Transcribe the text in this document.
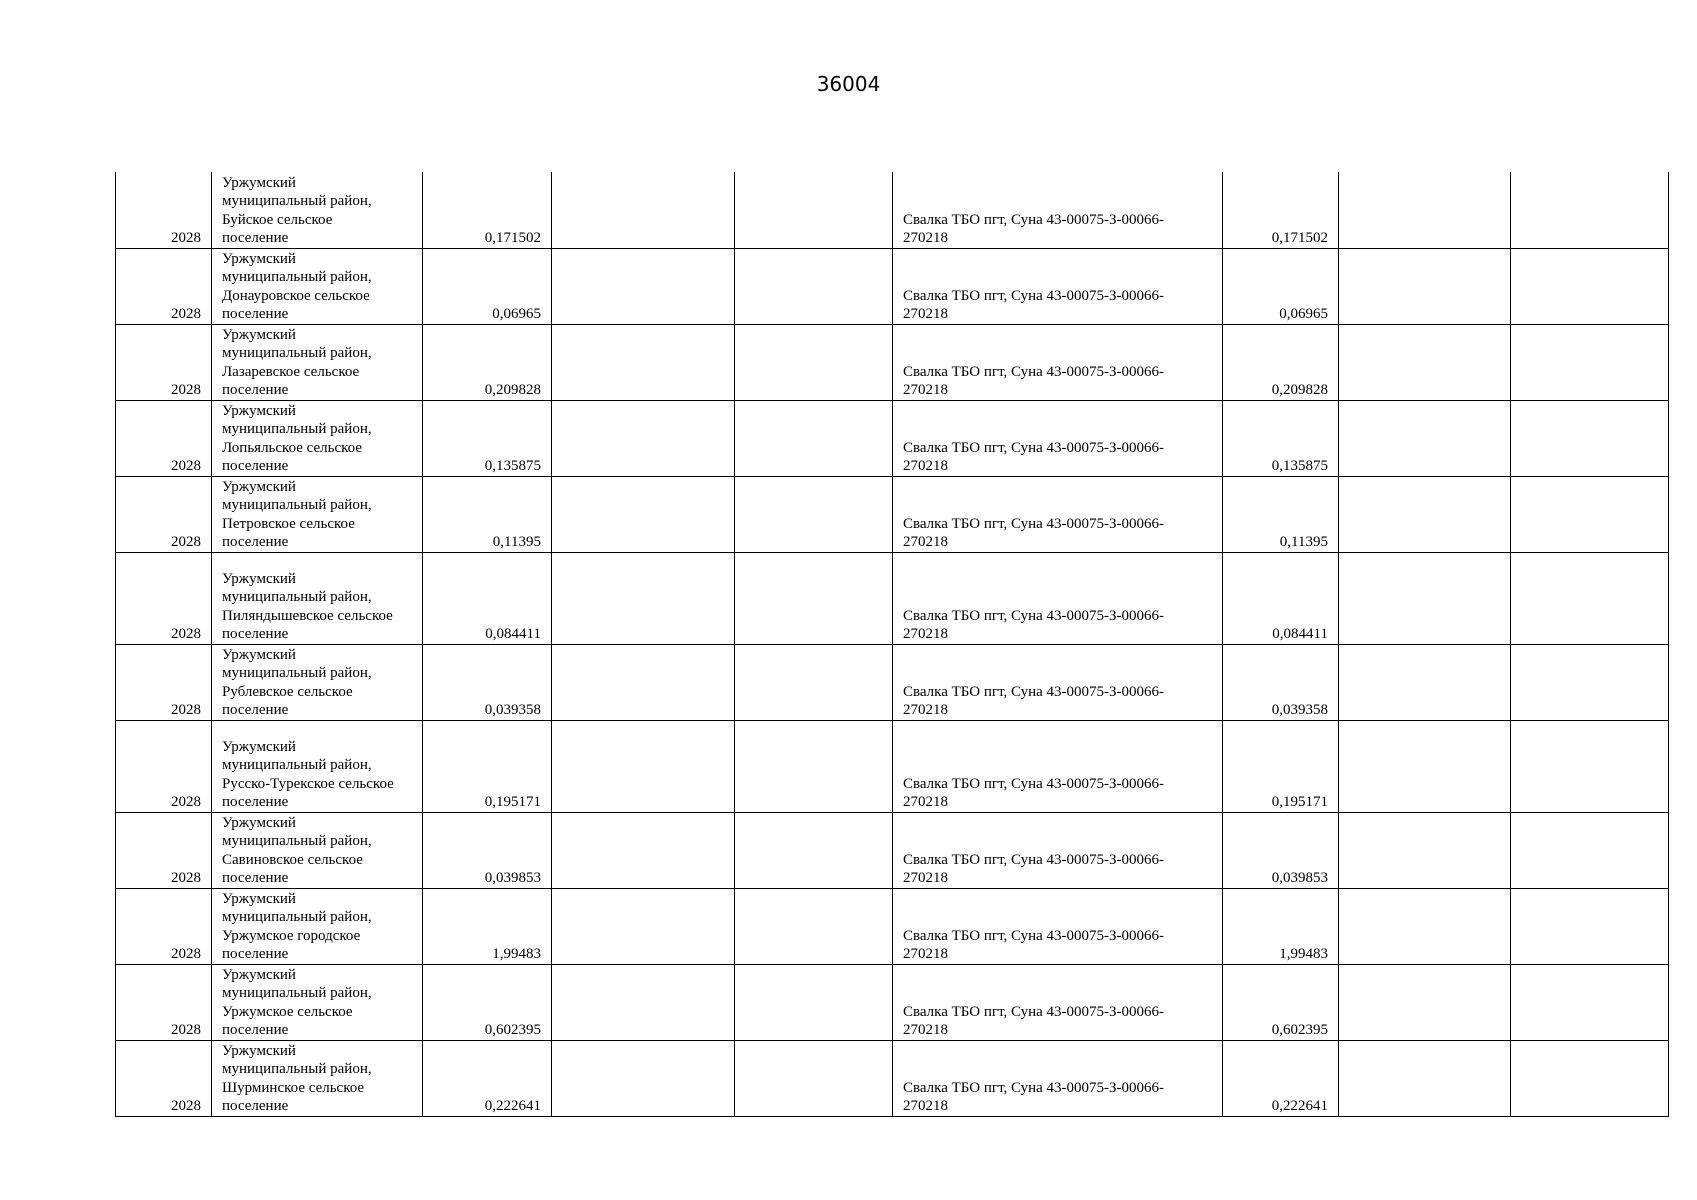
36004
2028	Уржумский
муниципальный район,
Буйское сельское
поселение	0,171502			Свалка ТБО пгт, Суна 43-00075-З-00066-
270218	0,171502		
2028	Уржумский
муниципальный район,
Донауровское сельское
поселение	0,06965			Свалка ТБО пгт, Суна 43-00075-З-00066-
270218	0,06965		
2028	Уржумский
муниципальный район,
Лазаревское сельское
поселение	0,209828			Свалка ТБО пгт, Суна 43-00075-З-00066-
270218	0,209828		
2028	Уржумский
муниципальный район,
Лопьяльское сельское
поселение	0,135875			Свалка ТБО пгт, Суна 43-00075-З-00066-
270218	0,135875		
2028	Уржумский
муниципальный район,
Петровское сельское
поселение	0,11395			Свалка ТБО пгт, Суна 43-00075-З-00066-
270218	0,11395		
2028	Уржумский
муниципальный район,
Пиляндышевское сельское
поселение	0,084411			Свалка ТБО пгт, Суна 43-00075-З-00066-
270218	0,084411		
2028	Уржумский
муниципальный район,
Рублевское сельское
поселение	0,039358			Свалка ТБО пгт, Суна 43-00075-З-00066-
270218	0,039358		
2028	Уржумский
муниципальный район,
Русско-Турекское сельское
поселение	0,195171			Свалка ТБО пгт, Суна 43-00075-З-00066-
270218	0,195171		
2028	Уржумский
муниципальный район,
Савиновское сельское
поселение	0,039853			Свалка ТБО пгт, Суна 43-00075-З-00066-
270218	0,039853		
2028	Уржумский
муниципальный район,
Уржумское городское
поселение	1,99483			Свалка ТБО пгт, Суна 43-00075-З-00066-
270218	1,99483		
2028	Уржумский
муниципальный район,
Уржумское сельское
поселение	0,602395			Свалка ТБО пгт, Суна 43-00075-З-00066-
270218	0,602395		
2028	Уржумский
муниципальный район,
Шурминское сельское
поселение	0,222641			Свалка ТБО пгт, Суна 43-00075-З-00066-
270218	0,222641		
